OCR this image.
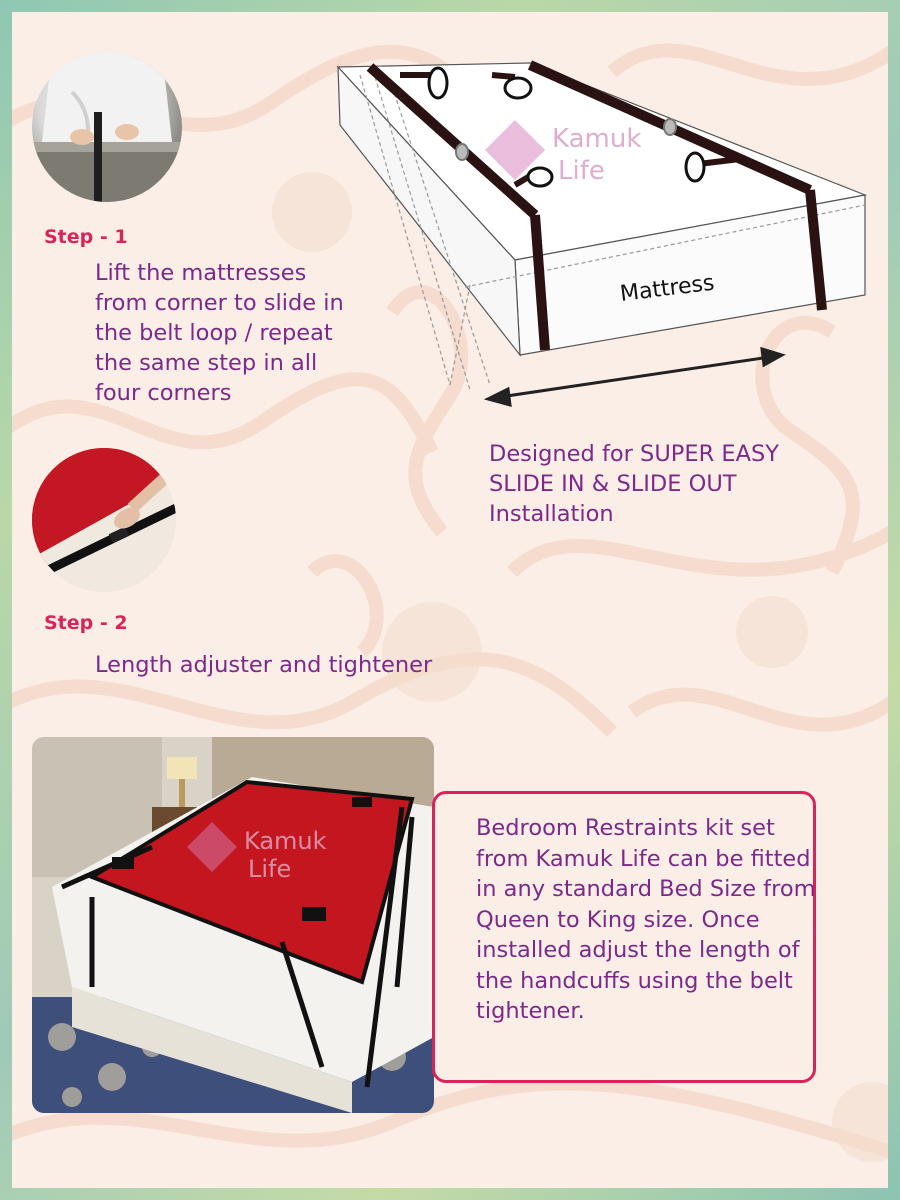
Step - 1
Lift the mattresses
from corner to slide in
the belt loop / repeat
the same step in all
four corners
Kamuk
Life
Mattress
Designed for SUPER EASY
SLIDE IN & SLIDE OUT
Installation
Step - 2
Length adjuster and tightener
Kamuk
Life
Bedroom Restraints kit set from Kamuk Life can be fitted in any standard Bed Size from Queen to King size. Once installed adjust the length of the handcuffs using the belt tightener.
